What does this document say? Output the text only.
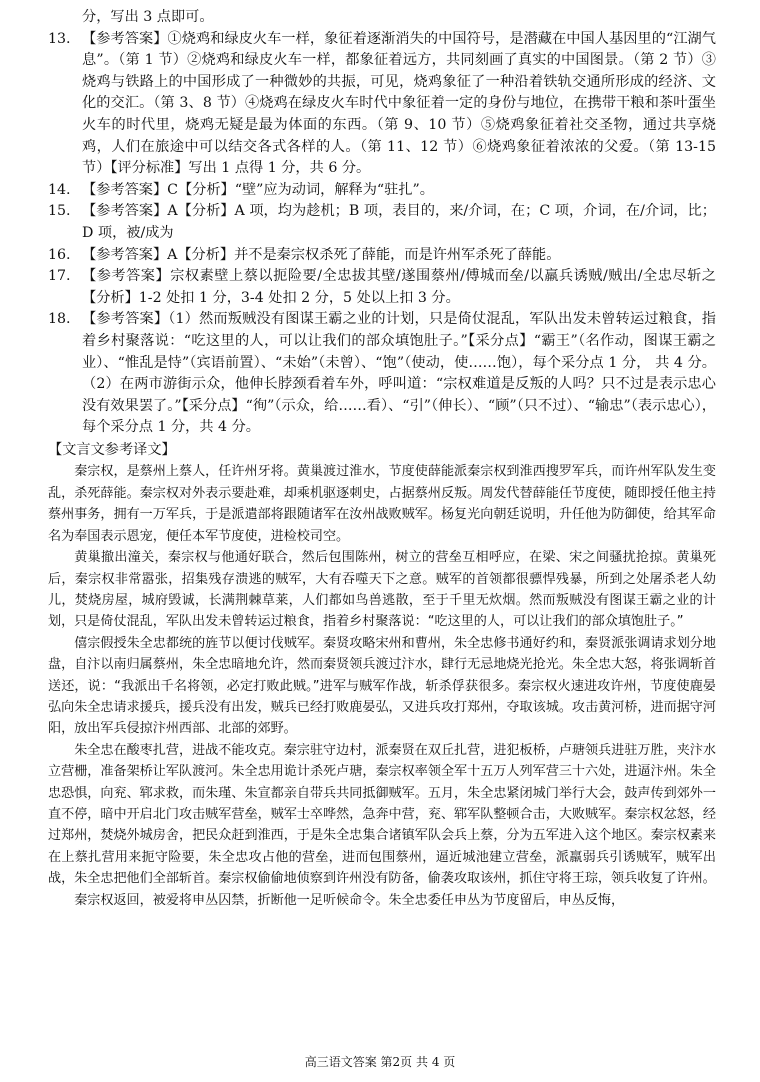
分，写出 3 点即可。
13. 【参考答案】①烧鸡和绿皮火车一样，象征着逐渐消失的中国符号，是潜藏在中国人基因里的“江湖气息”。（第 1 节）②烧鸡和绿皮火车一样，都象征着远方，共同刻画了真实的中国图景。（第 2 节）③烧鸡与铁路上的中国形成了一种微妙的共振，可见，烧鸡象征了一种沿着铁轨交通所形成的经济、文化的交汇。（第 3、8 节）④烧鸡在绿皮火车时代中象征着一定的身份与地位，在携带干粮和茶叶蛋坐火车的时代里，烧鸡无疑是最为体面的东西。（第 9、10 节）⑤烧鸡象征着社交圣物，通过共享烧鸡，人们在旅途中可以结交各式各样的人。（第 11、12 节）⑥烧鸡象征着浓浓的父爱。（第 13-15 节）【评分标准】写出 1 点得 1 分，共 6 分。
14. 【参考答案】C【分析】“壁”应为动词，解释为“驻扎”。
15. 【参考答案】A【分析】A 项，均为趁机；B 项，表目的，来/介词，在；C 项，介词，在/介词，比；D 项，被/成为
16. 【参考答案】A【分析】并不是秦宗权杀死了薛能，而是许州军杀死了薛能。
17. 【参考答案】宗权素壁上蔡以扼险要/全忠拔其壁/遂围蔡州/傅城而垒/以羸兵诱贼/贼出/全忠尽斩之【分析】1-2 处扣 1 分，3-4 处扣 2 分，5 处以上扣 3 分。
18. 【参考答案】（1）然而叛贼没有图谋王霸之业的计划，只是倚仗混乱，军队出发未曾转运过粮食，指着乡村聚落说：“吃这里的人，可以让我们的部众填饱肚子。”【采分点】“霸王”（名作动，图谋王霸之业）、“惟乱是恃”（宾语前置）、“未始”（未曾）、“饱”（使动，使……饱），每个采分点 1 分， 共 4 分。（2）在两市游街示众，他伸长脖颈看着车外，呼叫道：“宗权难道是反叛的人吗？只不过是表示忠心没有效果罢了。”【采分点】“徇”（示众，给……看）、“引”（伸长）、“顾”（只不过）、“输忠”（表示忠心），每个采分点 1 分，共 4 分。
【文言文参考译文】

秦宗权，是蔡州上蔡人，任许州牙将。黄巢渡过淮水，节度使薛能派秦宗权到淮西搜罗军兵，而许州军队发生变乱，杀死薛能。秦宗权对外表示要赴难，却乘机驱逐刺史，占据蔡州反叛。周发代替薛能任节度使，随即授任他主持蔡州事务，拥有一万军兵，于是派遣部将跟随诸军在汝州战败贼军。杨复光向朝廷说明，升任他为防御使，给其军命名为奉国表示恩宠，便任本军节度使，进检校司空。

黄巢撤出潼关，秦宗权与他通好联合，然后包围陈州，树立的营垒互相呼应，在梁、宋之间骚扰抢掠。黄巢死后，秦宗权非常嚣张，招集残存溃逃的贼军，大有吞噬天下之意。贼军的首领都很骠悍残暴，所到之处屠杀老人幼儿，焚烧房屋，城府毁诚，长满荆棘草莱，人们都如鸟兽逃散，至于千里无炊烟。然而叛贼没有图谋王霸之业的计划，只是倚仗混乱，军队出发未曾转运过粮食，指着乡村聚落说：“吃这里的人，可以让我们的部众填饱肚子。”

僖宗假授朱全忠都统的旌节以便讨伐贼军。秦贤攻略宋州和曹州，朱全忠修书通好约和，秦贤派张调请求划分地盘，自汴以南归属蔡州，朱全忠暗地允许，然而秦贤领兵渡过汴水，肆行无忌地烧光抢光。朱全忠大怒，将张调斩首送还，说：“我派出千名将领，必定打败此贼。”进军与贼军作战，斩杀俘获很多。秦宗权火速进攻许州，节度使鹿晏弘向朱全忠请求援兵，援兵没有出发，贼兵已经打败鹿晏弘，又进兵攻打郑州，夺取该城。攻击黄河桥，进而据守河阳，放出军兵侵掠汴州西部、北部的郊野。

朱全忠在酸枣扎营，进战不能攻克。秦宗驻守边村，派秦贤在双丘扎营，进犯板桥，卢瑭领兵进驻万胜，夹汴水立营栅，准备架桥让军队渡河。朱全忠用诡计杀死卢瑭，秦宗权率领全军十五万人列军营三十六处，进逼汴州。朱全忠恐惧，向兖、郓求救，而朱瑾、朱宣都亲自带兵共同抵御贼军。五月，朱全忠紧闭城门举行大会，鼓声传到郊外一直不停，暗中开启北门攻击贼军营垒，贼军士卒哗然，急奔中营，兖、郓军队整顿合击，大败贼军。秦宗权忿怒，经过郑州，焚烧外城房舍，把民众赶到淮西，于是朱全忠集合诸镇军队会兵上蔡，分为五军进入这个地区。秦宗权素来在上蔡扎营用来扼守险要，朱全忠攻占他的营垒，进而包围蔡州，逼近城池建立营垒，派羸弱兵引诱贼军，贼军出战，朱全忠把他们全部斩首。秦宗权偷偷地侦察到许州没有防备，偷袭攻取该州，抓住守将王琮，领兵收复了许州。

秦宗权返回，被爱将申丛囚禁，折断他一足听候命令。朱全忠委任申丛为节度留后，申丛反悔，

高三语文答案 第2页 共 4 页
